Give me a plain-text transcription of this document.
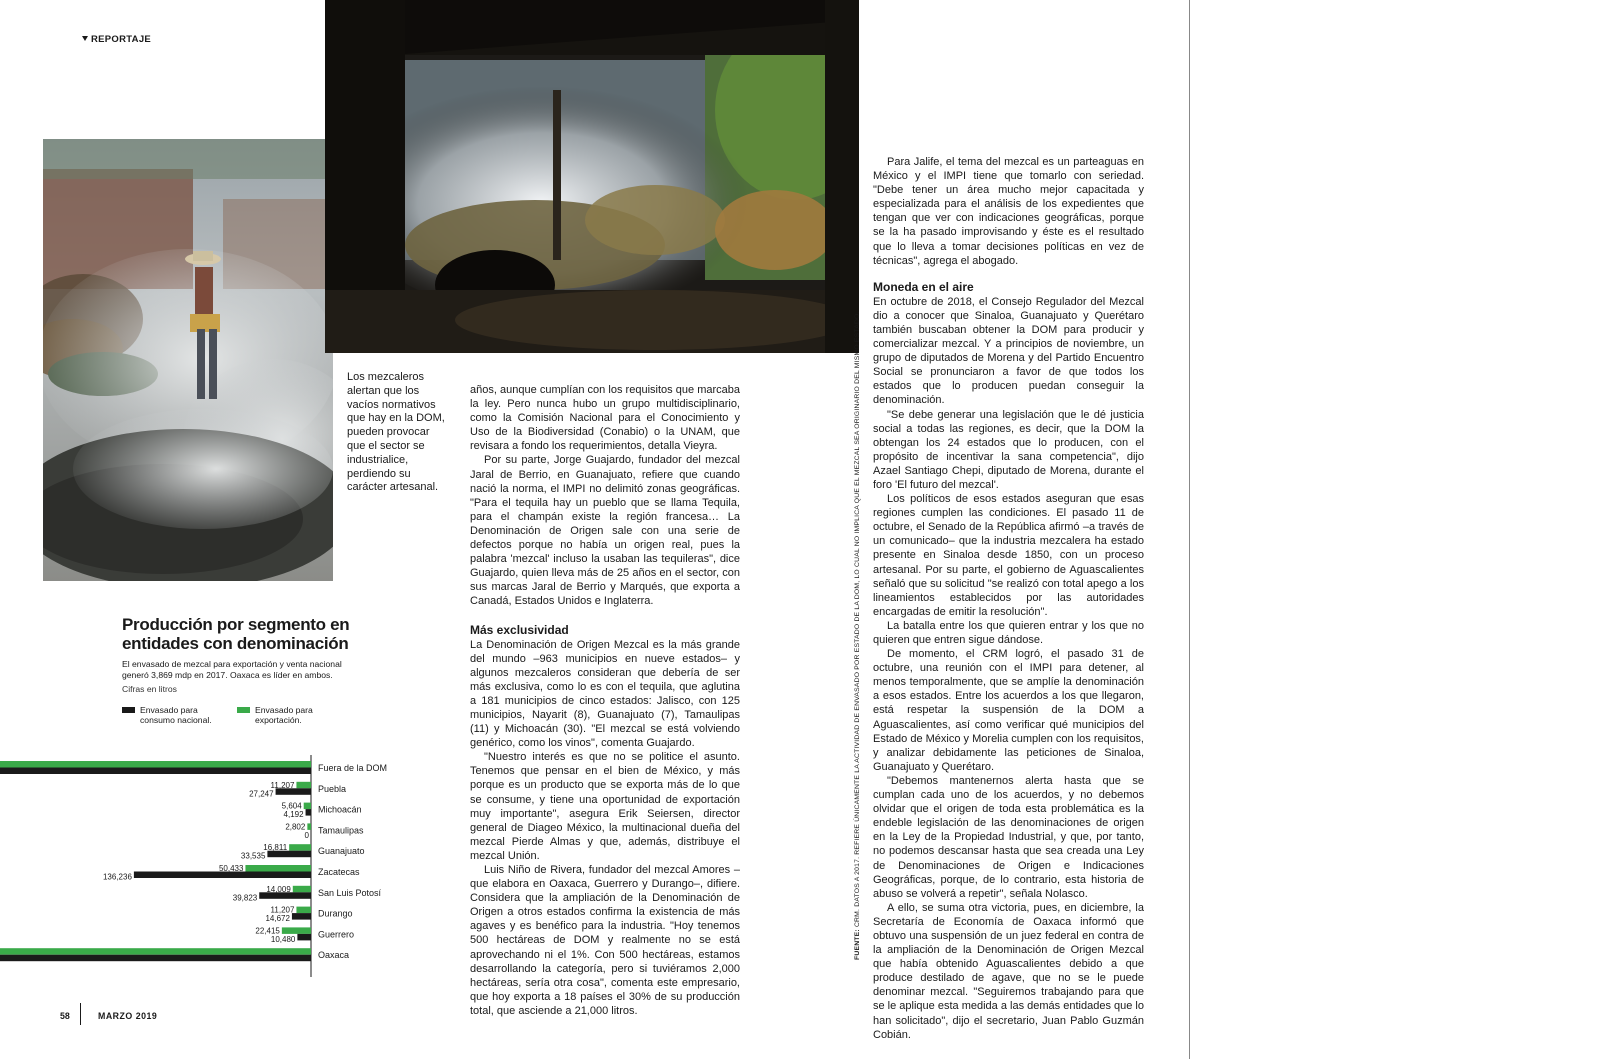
REPORTAJE
Los mezcaleros alertan que los vacíos normativos que hay en la DOM, pueden provocar que el sector se industrialice, perdiendo su carácter artesanal.

años, aunque cumplían con los requisitos que marcaba la ley. Pero nunca hubo un grupo multidisciplinario, como la Comisión Nacional para el Conocimiento y Uso de la Biodiversidad (Conabio) o la UNAM, que revisara a fondo los requerimientos, detalla Vieyra.

Por su parte, Jorge Guajardo, fundador del mezcal Jaral de Berrio, en Guanajuato, refiere que cuando nació la norma, el IMPI no delimitó zonas geográficas. "Para el tequila hay un pueblo que se llama Tequila, para el champán existe la región francesa… La Denominación de Origen sale con una serie de defectos porque no había un origen real, pues la palabra 'mezcal' incluso la usaban las tequileras", dice Guajardo, quien lleva más de 25 años en el sector, con sus marcas Jaral de Berrio y Marqués, que exporta a Canadá, Estados Unidos e Inglaterra.

Más exclusividad

La Denominación de Origen Mezcal es la más grande del mundo –963 municipios en nueve estados– y algunos mezcaleros consideran que debería de ser más exclusiva, como lo es con el tequila, que aglutina a 181 municipios de cinco estados: Jalisco, con 125 municipios, Nayarit (8), Guanajuato (7), Tamaulipas (11) y Michoacán (30). "El mezcal se está volviendo genérico, como los vinos", comenta Guajardo.

"Nuestro interés es que no se politice el asunto. Tenemos que pensar en el bien de México, y más porque es un producto que se exporta más de lo que se consume, y tiene una oportunidad de exportación muy importante", asegura Erik Seiersen, director general de Diageo México, la multinacional dueña del mezcal Pierde Almas y que, además, distribuye el mezcal Unión.

Luis Niño de Rivera, fundador del mezcal Amores –que elabora en Oaxaca, Guerrero y Durango–, difiere. Considera que la ampliación de la Denominación de Origen a otros estados confirma la existencia de más agaves y es benéfico para la industria. "Hoy tenemos 500 hectáreas de DOM y realmente no se está aprovechando ni el 1%. Con 500 hectáreas, estamos desarrollando la categoría, pero si tuviéramos 2,000 hectáreas, sería otra cosa", comenta este empresario, que hoy exporta a 18 países el 30% de su producción total, que asciende a 21,000 litros.

FUENTE: CRM. DATOS A 2017. REFIERE ÚNICAMENTE LA ACTIVIDAD DE ENVASADO POR ESTADO DE LA DOM, LO CUAL NO IMPLICA QUE EL MEZCAL SEA ORIGINARIO DEL MISMO ESTADO.

Para Jalife, el tema del mezcal es un parteaguas en México y el IMPI tiene que tomarlo con seriedad. "Debe tener un área mucho mejor capacitada y especializada para el análisis de los expedientes que tengan que ver con indicaciones geográficas, porque se la ha pasado improvisando y éste es el resultado que lo lleva a tomar decisiones políticas en vez de técnicas", agrega el abogado.

Moneda en el aire

En octubre de 2018, el Consejo Regulador del Mezcal dio a conocer que Sinaloa, Guanajuato y Querétaro también buscaban obtener la DOM para producir y comercializar mezcal. Y a principios de noviembre, un grupo de diputados de Morena y del Partido Encuentro Social se pronunciaron a favor de que todos los estados que lo producen puedan conseguir la denominación.

"Se debe generar una legislación que le dé justicia social a todas las regiones, es decir, que la DOM la obtengan los 24 estados que lo producen, con el propósito de incentivar la sana competencia", dijo Azael Santiago Chepi, diputado de Morena, durante el foro 'El futuro del mezcal'.

Los políticos de esos estados aseguran que esas regiones cumplen las condiciones. El pasado 11 de octubre, el Senado de la República afirmó –a través de un comunicado– que la industria mezcalera ha estado presente en Sinaloa desde 1850, con un proceso artesanal. Por su parte, el gobierno de Aguascalientes señaló que su solicitud "se realizó con total apego a los lineamientos establecidos por las autoridades encargadas de emitir la resolución".

La batalla entre los que quieren entrar y los que no quieren que entren sigue dándose.

De momento, el CRM logró, el pasado 31 de octubre, una reunión con el IMPI para detener, al menos temporalmente, que se amplíe la denominación a esos estados. Entre los acuerdos a los que llegaron, está respetar la suspensión de la DOM a Aguascalientes, así como verificar qué municipios del Estado de México y Morelia cumplen con los requisitos, y analizar debidamente las peticiones de Sinaloa, Guanajuato y Querétaro.

"Debemos mantenernos alerta hasta que se cumplan cada uno de los acuerdos, y no debemos olvidar que el origen de toda esta problemática es la endeble legislación de las denominaciones de origen en la Ley de la Propiedad Industrial, y que, por tanto, no podemos descansar hasta que sea creada una Ley de Denominaciones de Origen e Indicaciones Geográficas, porque, de lo contrario, esta historia de abuso se volverá a repetir", señala Nolasco.

A ello, se suma otra victoria, pues, en diciembre, la Secretaría de Economía de Oaxaca informó que obtuvo una suspensión de un juez federal en contra de la ampliación de la Denominación de Origen Mezcal que había obtenido Aguascalientes debido a que produce destilado de agave, que no se le puede denominar mezcal. "Seguiremos trabajando para que se le aplique esta medida a las demás entidades que lo han solicitado", dijo el secretario, Juan Pablo Guzmán Cobián.

Producción por segmento en entidades con denominación
El envasado de mezcal para exportación y venta nacional generó 3,869 mdp en 2017. Oaxaca es líder en ambos.
Cifras en litros
Envasado para consumo nacional.
Envasado para exportación.
Fuera de la DOM
Puebla
11,207
27,247
Michoacán
5,604
4,192
Tamaulipas
2,802
0
Guanajuato
16,811
33,535
Zacatecas
50,433
136,236
San Luis Potosí
14,009
39,823
Durango
11,207
14,672
Guerrero
22,415
10,480
Oaxaca
58	MARZO 2019
